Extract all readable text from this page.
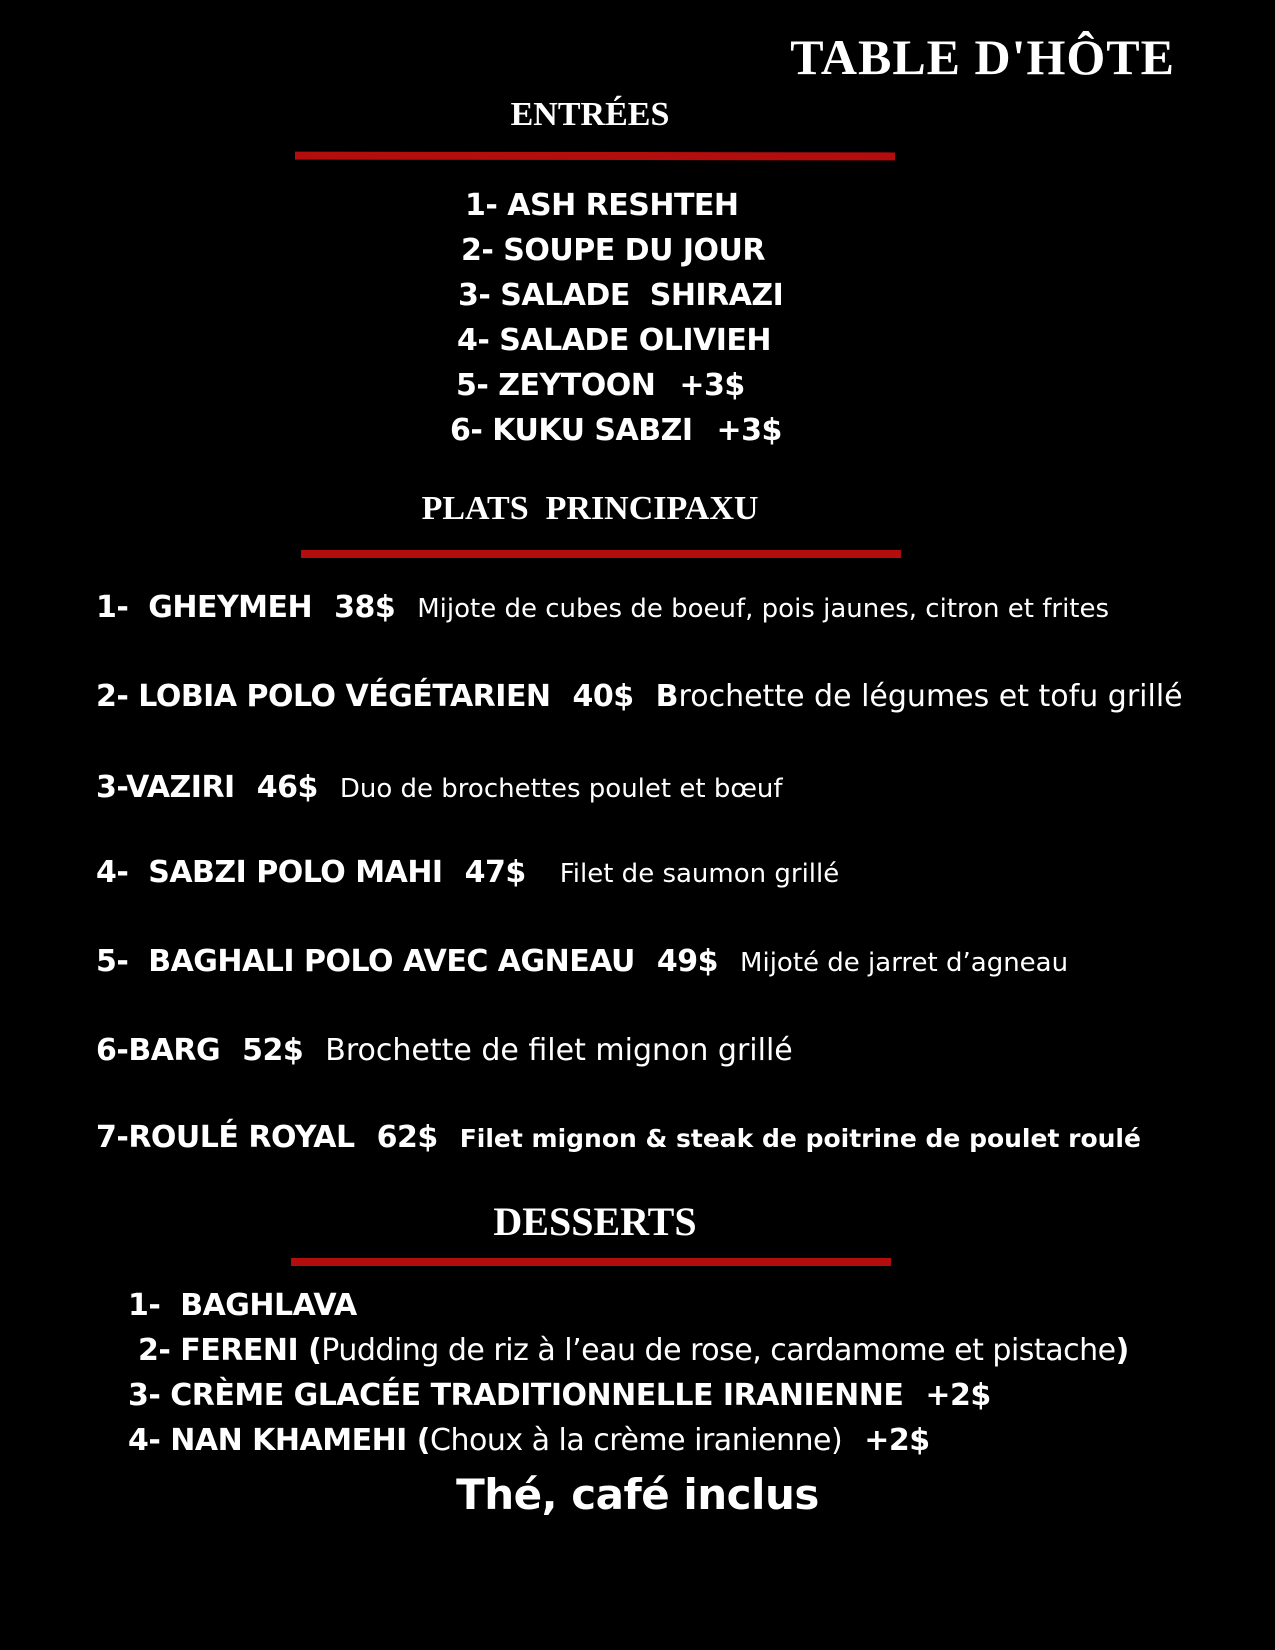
TABLE D'HÔTE
ENTRÉES
1- ASH RESHTEH
2- SOUPE DU JOUR
3- SALADE  SHIRAZI
4- SALADE OLIVIEH
5- ZEYTOON +3$
6- KUKU SABZI +3$
PLATS  PRINCIPAXU
1-  GHEYMEH 38$ Mijote de cubes de boeuf, pois jaunes, citron et frites
2- LOBIA POLO VÉGÉTARIEN 40$ Brochette de légumes et tofu grillé
3-VAZIRI 46$ Duo de brochettes poulet et bœuf
4-  SABZI POLO MAHI 47$ Filet de saumon grillé
5-  BAGHALI POLO AVEC AGNEAU 49$ Mijoté de jarret d’agneau
6-BARG 52$ Brochette de filet mignon grillé
7-ROULÉ ROYAL 62$ Filet mignon & steak de poitrine de poulet roulé
DESSERTS
1-  BAGHLAVA
2- FERENI (Pudding de riz à l’eau de rose, cardamome et pistache)
3- CRÈME GLACÉE TRADITIONNELLE IRANIENNE +2$
4- NAN KHAMEHI (Choux à la crème iranienne) +2$
Thé, café inclus
